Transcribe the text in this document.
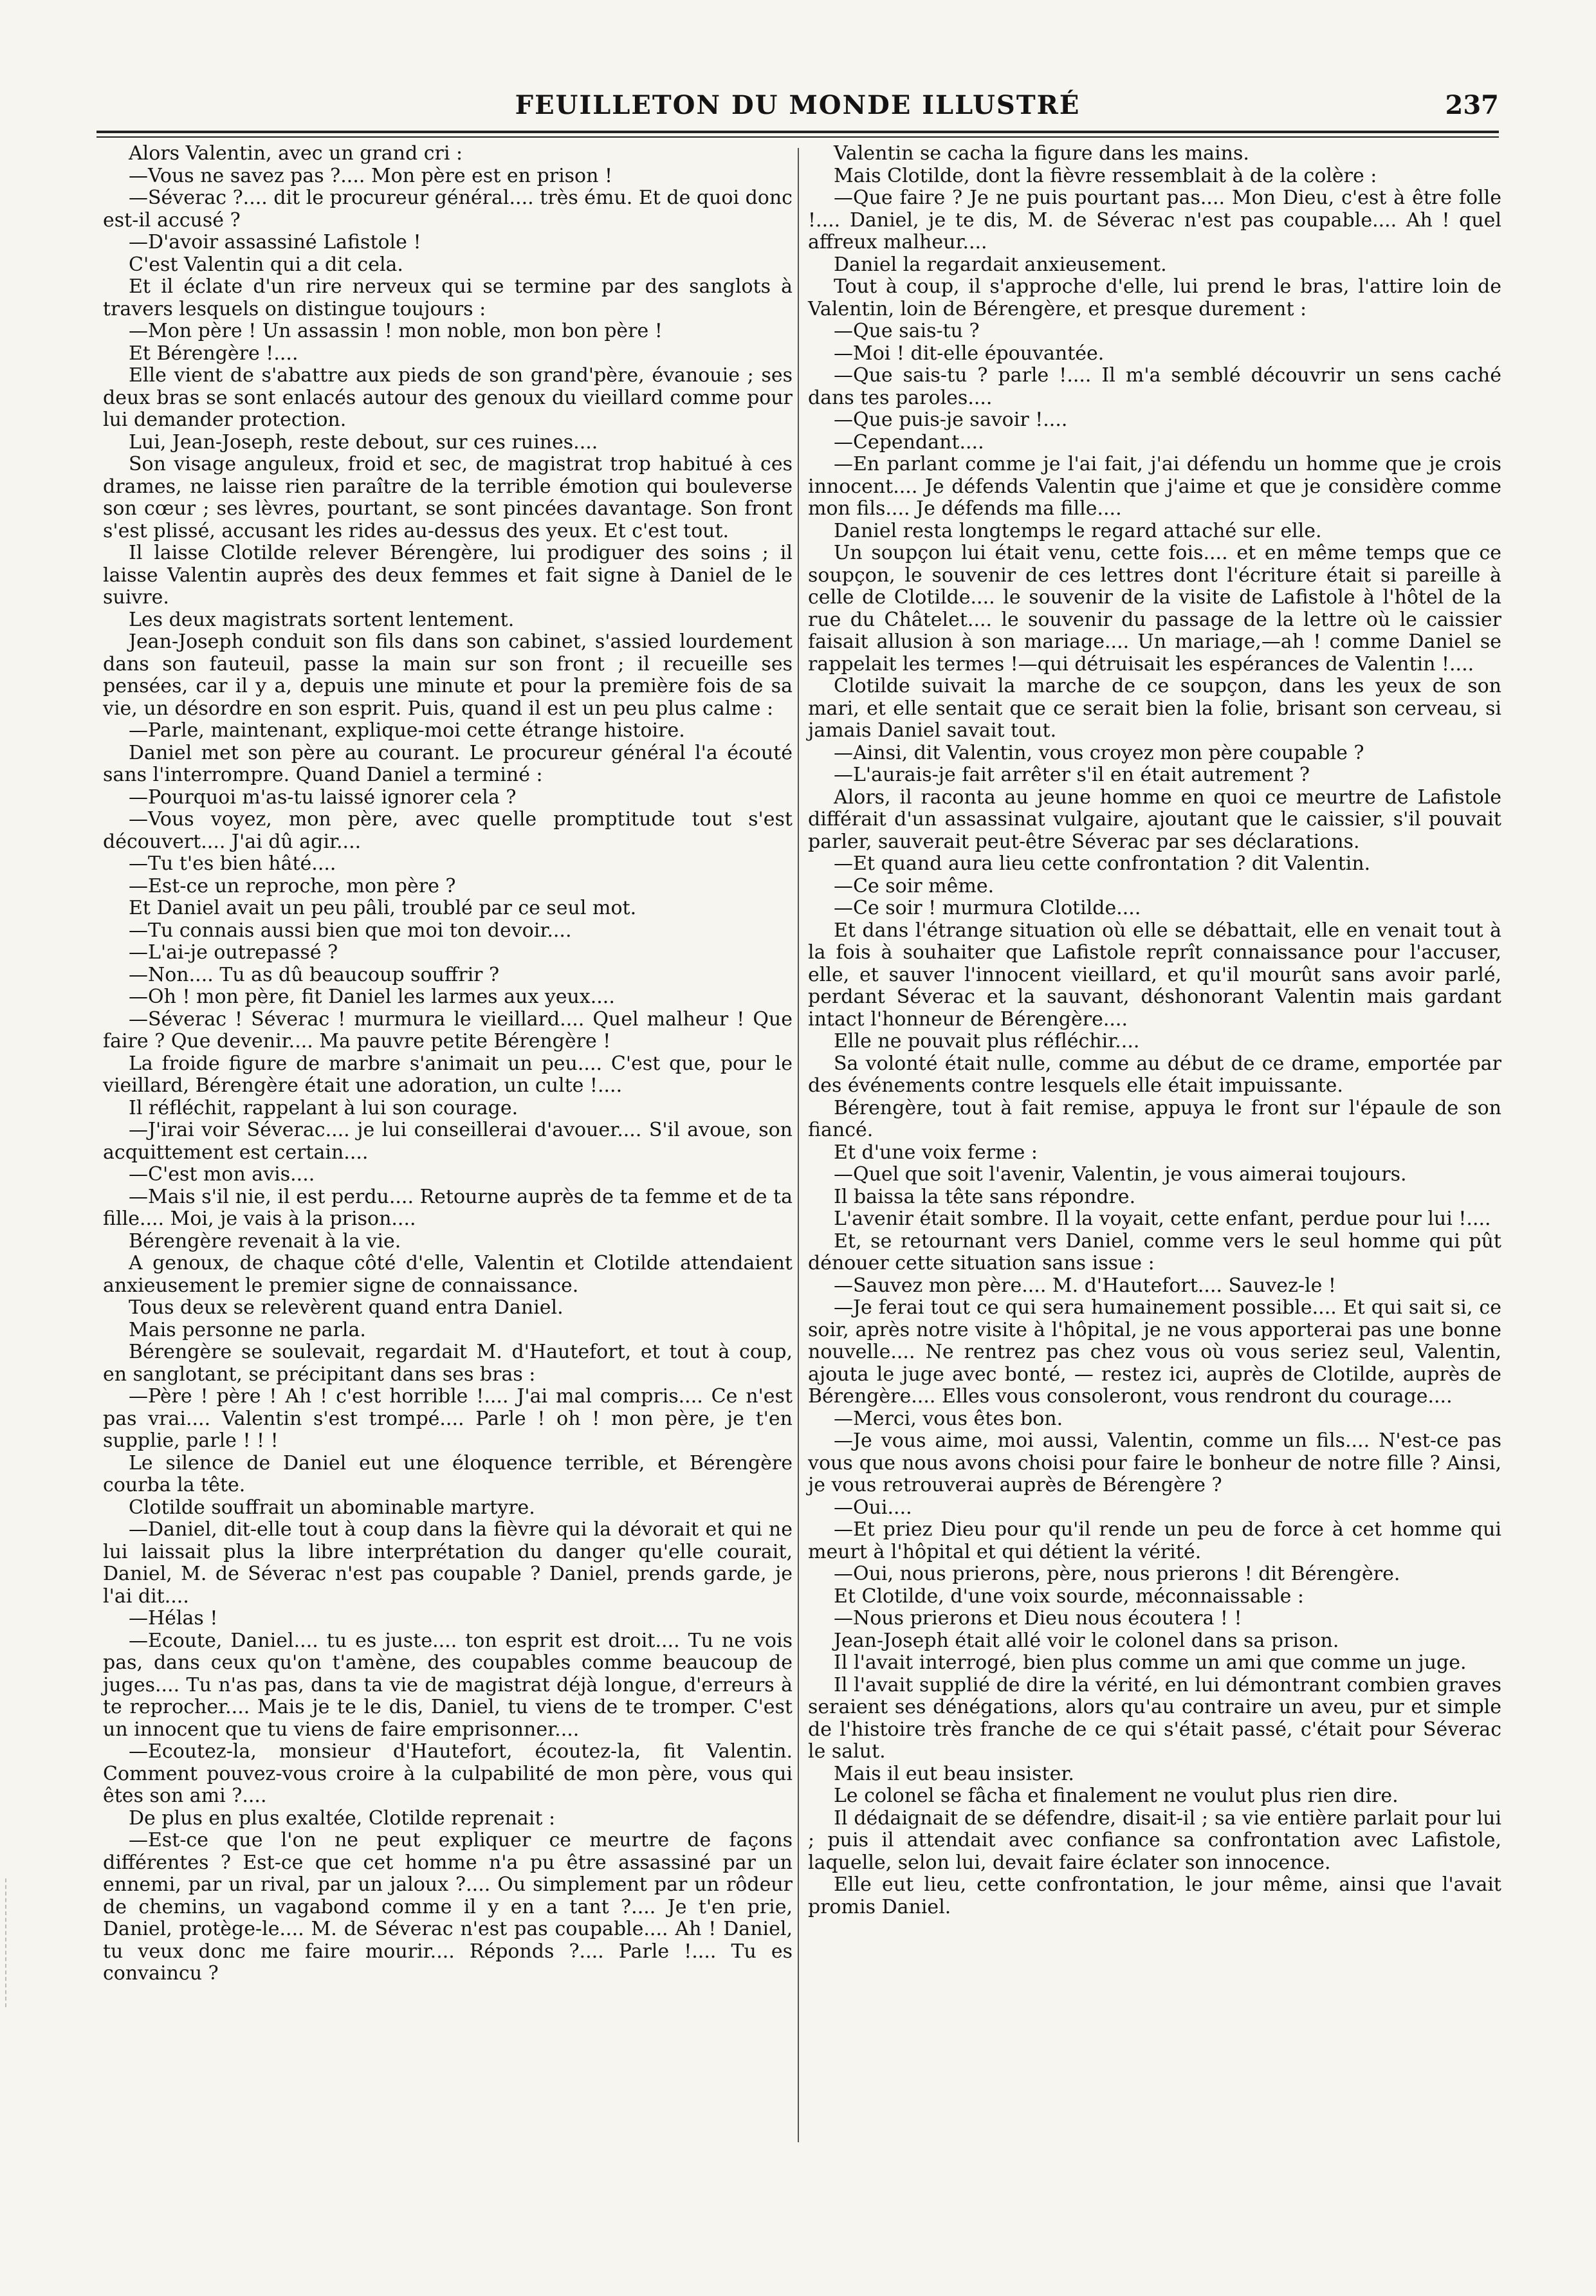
FEUILLETON DU MONDE ILLUSTRÉ	237

Alors Valentin, avec un grand cri :

—Vous ne savez pas ?.... Mon père est en prison !

—Séverac ?.... dit le procureur général.... très ému. Et de quoi donc est-il accusé ?

—D'avoir assassiné Lafistole !

C'est Valentin qui a dit cela.

Et il éclate d'un rire nerveux qui se termine par des sanglots à travers lesquels on distingue toujours :

—Mon père ! Un assassin ! mon noble, mon bon père !

Et Bérengère !....

Elle vient de s'abattre aux pieds de son grand'père, évanouie ; ses deux bras se sont enlacés autour des genoux du vieillard comme pour lui demander protection.

Lui, Jean-Joseph, reste debout, sur ces ruines....

Son visage anguleux, froid et sec, de magistrat trop habitué à ces drames, ne laisse rien paraître de la terrible émotion qui bouleverse son cœur ; ses lèvres, pourtant, se sont pincées davantage. Son front s'est plissé, accusant les rides au-dessus des yeux. Et c'est tout.

Il laisse Clotilde relever Bérengère, lui prodiguer des soins ; il laisse Valentin auprès des deux femmes et fait signe à Daniel de le suivre.

Les deux magistrats sortent lentement.

Jean-Joseph conduit son fils dans son cabinet, s'assied lourdement dans son fauteuil, passe la main sur son front ; il recueille ses pensées, car il y a, depuis une minute et pour la première fois de sa vie, un désordre en son esprit. Puis, quand il est un peu plus calme :

—Parle, maintenant, explique-moi cette étrange histoire.

Daniel met son père au courant. Le procureur général l'a écouté sans l'interrompre. Quand Daniel a terminé :

—Pourquoi m'as-tu laissé ignorer cela ?

—Vous voyez, mon père, avec quelle promptitude tout s'est découvert.... J'ai dû agir....

—Tu t'es bien hâté....

—Est-ce un reproche, mon père ?

Et Daniel avait un peu pâli, troublé par ce seul mot.

—Tu connais aussi bien que moi ton devoir....

—L'ai-je outrepassé ?

—Non.... Tu as dû beaucoup souffrir ?

—Oh ! mon père, fit Daniel les larmes aux yeux....

—Séverac ! Séverac ! murmura le vieillard.... Quel malheur ! Que faire ? Que devenir.... Ma pauvre petite Bérengère !

La froide figure de marbre s'animait un peu.... C'est que, pour le vieillard, Bérengère était une adoration, un culte !....

Il réfléchit, rappelant à lui son courage.

—J'irai voir Séverac.... je lui conseillerai d'avouer.... S'il avoue, son acquittement est certain....

—C'est mon avis....

—Mais s'il nie, il est perdu.... Retourne auprès de ta femme et de ta fille.... Moi, je vais à la prison....

Bérengère revenait à la vie.

A genoux, de chaque côté d'elle, Valentin et Clotilde attendaient anxieusement le premier signe de connaissance.

Tous deux se relevèrent quand entra Daniel.

Mais personne ne parla.

Bérengère se soulevait, regardait M. d'Hautefort, et tout à coup, en sanglotant, se précipitant dans ses bras :

—Père ! père ! Ah ! c'est horrible !.... J'ai mal compris.... Ce n'est pas vrai.... Valentin s'est trompé.... Parle ! oh ! mon père, je t'en supplie, parle ! ! !

Le silence de Daniel eut une éloquence terrible, et Bérengère courba la tête.

Clotilde souffrait un abominable martyre.

—Daniel, dit-elle tout à coup dans la fièvre qui la dévorait et qui ne lui laissait plus la libre interprétation du danger qu'elle courait, Daniel, M. de Séverac n'est pas coupable ? Daniel, prends garde, je l'ai dit....

—Hélas !

—Ecoute, Daniel.... tu es juste.... ton esprit est droit.... Tu ne vois pas, dans ceux qu'on t'amène, des coupables comme beaucoup de juges.... Tu n'as pas, dans ta vie de magistrat déjà longue, d'erreurs à te reprocher.... Mais je te le dis, Daniel, tu viens de te tromper. C'est un innocent que tu viens de faire emprisonner....

—Ecoutez-la, monsieur d'Hautefort, écoutez-la, fit Valentin. Comment pouvez-vous croire à la culpabilité de mon père, vous qui êtes son ami ?....

De plus en plus exaltée, Clotilde reprenait :

—Est-ce que l'on ne peut expliquer ce meurtre de façons différentes ? Est-ce que cet homme n'a pu être assassiné par un ennemi, par un rival, par un jaloux ?.... Ou simplement par un rôdeur de chemins, un vagabond comme il y en a tant ?.... Je t'en prie, Daniel, protège-le.... M. de Séverac n'est pas coupable.... Ah ! Daniel, tu veux donc me faire mourir.... Réponds ?.... Parle !.... Tu es convaincu ?

Valentin se cacha la figure dans les mains.

Mais Clotilde, dont la fièvre ressemblait à de la colère :

—Que faire ? Je ne puis pourtant pas.... Mon Dieu, c'est à être folle !.... Daniel, je te dis, M. de Séverac n'est pas coupable.... Ah ! quel affreux malheur....

Daniel la regardait anxieusement.

Tout à coup, il s'approche d'elle, lui prend le bras, l'attire loin de Valentin, loin de Bérengère, et presque durement :

—Que sais-tu ?

—Moi ! dit-elle épouvantée.

—Que sais-tu ? parle !.... Il m'a semblé découvrir un sens caché dans tes paroles....

—Que puis-je savoir !....

—Cependant....

—En parlant comme je l'ai fait, j'ai défendu un homme que je crois innocent.... Je défends Valentin que j'aime et que je considère comme mon fils.... Je défends ma fille....

Daniel resta longtemps le regard attaché sur elle.

Un soupçon lui était venu, cette fois.... et en même temps que ce soupçon, le souvenir de ces lettres dont l'écriture était si pareille à celle de Clotilde.... le souvenir de la visite de Lafistole à l'hôtel de la rue du Châtelet.... le souvenir du passage de la lettre où le caissier faisait allusion à son mariage.... Un mariage,—ah ! comme Daniel se rappelait les termes !—qui détruisait les espérances de Valentin !....

Clotilde suivait la marche de ce soupçon, dans les yeux de son mari, et elle sentait que ce serait bien la folie, brisant son cerveau, si jamais Daniel savait tout.

—Ainsi, dit Valentin, vous croyez mon père coupable ?

—L'aurais-je fait arrêter s'il en était autrement ?

Alors, il raconta au jeune homme en quoi ce meurtre de Lafistole différait d'un assassinat vulgaire, ajoutant que le caissier, s'il pouvait parler, sauverait peut-être Séverac par ses déclarations.

—Et quand aura lieu cette confrontation ? dit Valentin.

—Ce soir même.

—Ce soir ! murmura Clotilde....

Et dans l'étrange situation où elle se débattait, elle en venait tout à la fois à souhaiter que Lafistole reprît connaissance pour l'accuser, elle, et sauver l'innocent vieillard, et qu'il mourût sans avoir parlé, perdant Séverac et la sauvant, déshonorant Valentin mais gardant intact l'honneur de Bérengère....

Elle ne pouvait plus réfléchir....

Sa volonté était nulle, comme au début de ce drame, emportée par des événements contre lesquels elle était impuissante.

Bérengère, tout à fait remise, appuya le front sur l'épaule de son fiancé.

Et d'une voix ferme :

—Quel que soit l'avenir, Valentin, je vous aimerai toujours.

Il baissa la tête sans répondre.

L'avenir était sombre. Il la voyait, cette enfant, perdue pour lui !....

Et, se retournant vers Daniel, comme vers le seul homme qui pût dénouer cette situation sans issue :

—Sauvez mon père.... M. d'Hautefort.... Sauvez-le !

—Je ferai tout ce qui sera humainement possible.... Et qui sait si, ce soir, après notre visite à l'hôpital, je ne vous apporterai pas une bonne nouvelle.... Ne rentrez pas chez vous où vous seriez seul, Valentin, ajouta le juge avec bonté, — restez ici, auprès de Clotilde, auprès de Bérengère.... Elles vous consoleront, vous rendront du courage....

—Merci, vous êtes bon.

—Je vous aime, moi aussi, Valentin, comme un fils.... N'est-ce pas vous que nous avons choisi pour faire le bonheur de notre fille ? Ainsi, je vous retrouverai auprès de Bérengère ?

—Oui....

—Et priez Dieu pour qu'il rende un peu de force à cet homme qui meurt à l'hôpital et qui détient la vérité.

—Oui, nous prierons, père, nous prierons ! dit Bérengère.

Et Clotilde, d'une voix sourde, méconnaissable :

—Nous prierons et Dieu nous écoutera ! !

Jean-Joseph était allé voir le colonel dans sa prison.

Il l'avait interrogé, bien plus comme un ami que comme un juge.

Il l'avait supplié de dire la vérité, en lui démontrant combien graves seraient ses dénégations, alors qu'au contraire un aveu, pur et simple de l'histoire très franche de ce qui s'était passé, c'était pour Séverac le salut.

Mais il eut beau insister.

Le colonel se fâcha et finalement ne voulut plus rien dire.

Il dédaignait de se défendre, disait-il ; sa vie entière parlait pour lui ; puis il attendait avec confiance sa confrontation avec Lafistole, laquelle, selon lui, devait faire éclater son innocence.

Elle eut lieu, cette confrontation, le jour même, ainsi que l'avait promis Daniel.
